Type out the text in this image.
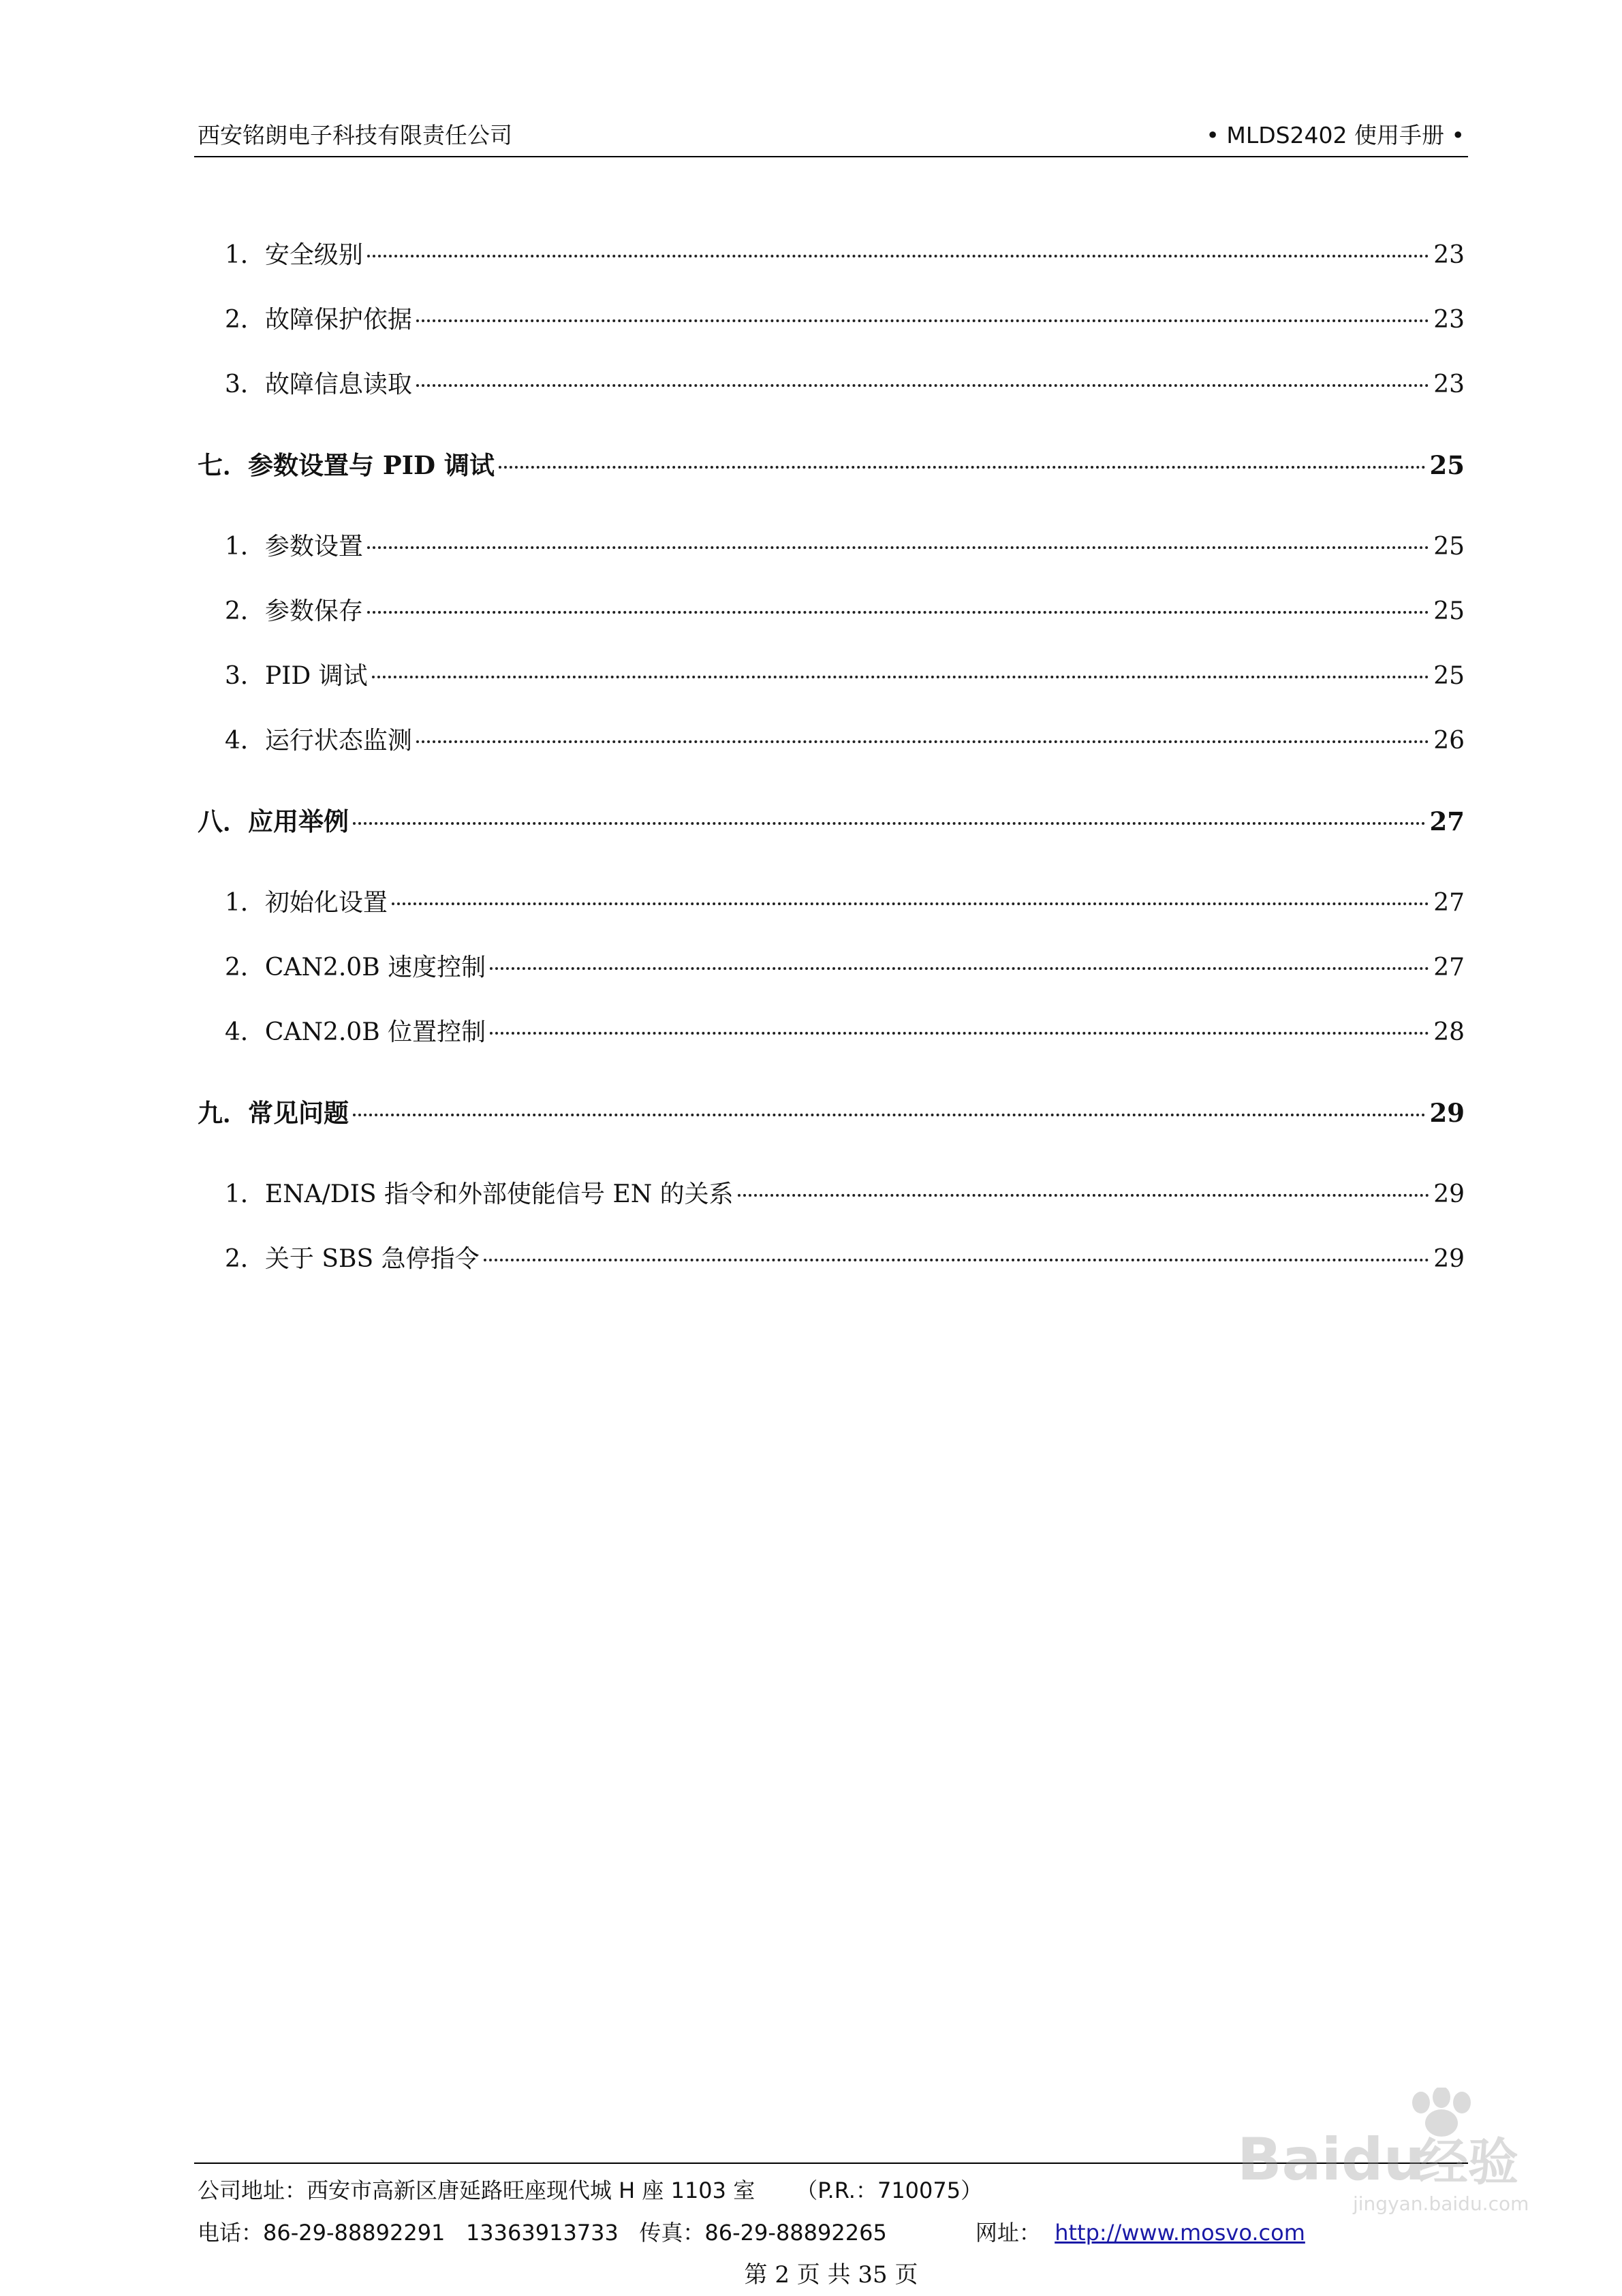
西安铭朗电子科技有限责任公司	• MLDS2402 使用手册 •
1．安全级别	23
2．故障保护依据	23
3．故障信息读取	23
七．参数设置与 PID 调试	25
1．参数设置	25
2．参数保存	25
3．PID 调试	25
4．运行状态监测	26
八．应用举例	27
1．初始化设置	27
2．CAN2.0B 速度控制	27
4．CAN2.0B 位置控制	28
九．常见问题	29
1．ENA/DIS 指令和外部使能信号 EN 的关系	29
2．关于 SBS 急停指令	29
公司地址：西安市高新区唐延路旺座现代城 H 座 1103 室 （P.R.：710075）
电话：86-29-88892291 13363913733 传真：86-29-88892265	网址： http://www.mosvo.com
第 2 页 共 35 页
Baidu
经验
jingyan.baidu.com
